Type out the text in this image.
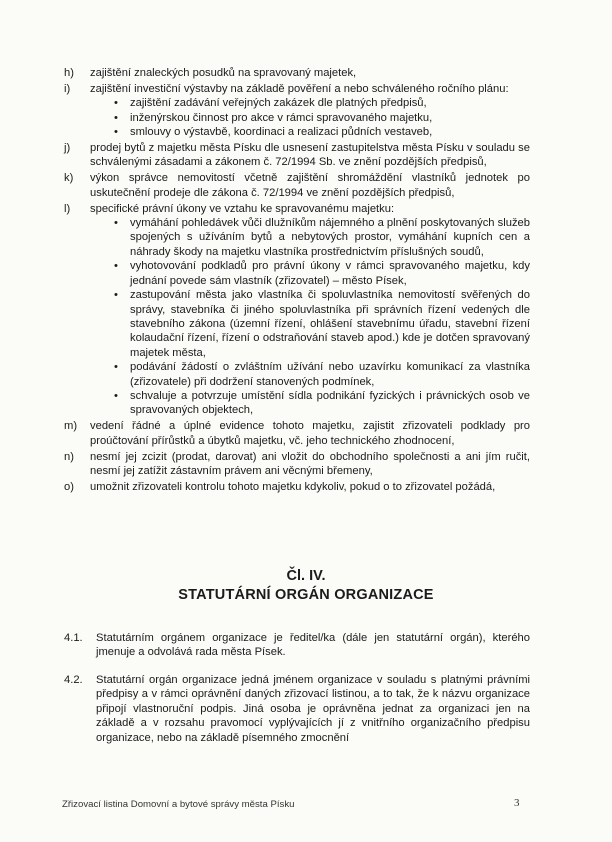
h)	zajištění znaleckých posudků na spravovaný majetek,
i)	zajištění investiční výstavby na základě pověření a nebo schváleného ročního plánu:
• zajištění zadávání veřejných zakázek dle platných předpisů,
• inženýrskou činnost pro akce v rámci spravovaného majetku,
• smlouvy o výstavbě, koordinaci a realizaci půdních vestaveb,
j)	prodej bytů z majetku města Písku dle usnesení zastupitelstva města Písku v souladu se schválenými zásadami a zákonem č. 72/1994 Sb. ve znění pozdějších předpisů,
k)	výkon správce nemovitostí včetně zajištění shromáždění vlastníků jednotek po uskutečnění prodeje dle zákona č. 72/1994 ve znění pozdějších předpisů,
l)	specifické právní úkony ve vztahu ke spravovanému majetku:
• vymáhání pohledávek vůči dlužníkům nájemného a plnění poskytovaných služeb spojených s užíváním bytů a nebytových prostor, vymáhání kupních cen a náhrady škody na majetku vlastníka prostřednictvím příslušných soudů,
• vyhotovování podkladů pro právní úkony v rámci spravovaného majetku, kdy jednání povede sám vlastník (zřizovatel) – město Písek,
• zastupování města jako vlastníka či spoluvlastníka nemovitostí svěřených do správy, stavebníka či jiného spoluvlastníka při správních řízení vedených dle stavebního zákona (územní řízení, ohlášení stavebnímu úřadu, stavební řízení kolaudační řízení, řízení o odstraňování staveb apod.) kde je dotčen spravovaný majetek města,
• podávání žádostí o zvláštním užívání nebo uzavírku komunikací za vlastníka (zřizovatele) při dodržení stanovených podmínek,
• schvaluje a potvrzuje umístění sídla podnikání fyzických i právnických osob ve spravovaných objektech,
m)	vedení řádné a úplné evidence tohoto majetku, zajistit zřizovateli podklady pro proúčtování přírůstků a úbytků majetku, vč. jeho technického zhodnocení,
n)	nesmí jej zcizit (prodat, darovat) ani vložit do obchodního společnosti a ani jím ručit, nesmí jej zatížit zástavním právem ani věcnými břemeny,
o)	umožnit zřizovateli kontrolu tohoto majetku kdykoliv, pokud o to zřizovatel požádá,
Čl. IV.
STATUTÁRNÍ ORGÁN ORGANIZACE
4.1.	Statutárním orgánem organizace je ředitel/ka (dále jen statutární orgán), kterého jmenuje a odvolává rada města Písek.
4.2.	Statutární orgán organizace jedná jménem organizace v souladu s platnými právními předpisy a v rámci oprávnění daných zřizovací listinou, a to tak, že k názvu organizace připojí vlastnoruční podpis. Jiná osoba je oprávněna jednat za organizaci jen na základě a v rozsahu pravomocí vyplývajících jí z vnitřního organizačního předpisu organizace, nebo na základě písemného zmocnění
Zřizovací listina Domovní a bytové správy města Písku	3
